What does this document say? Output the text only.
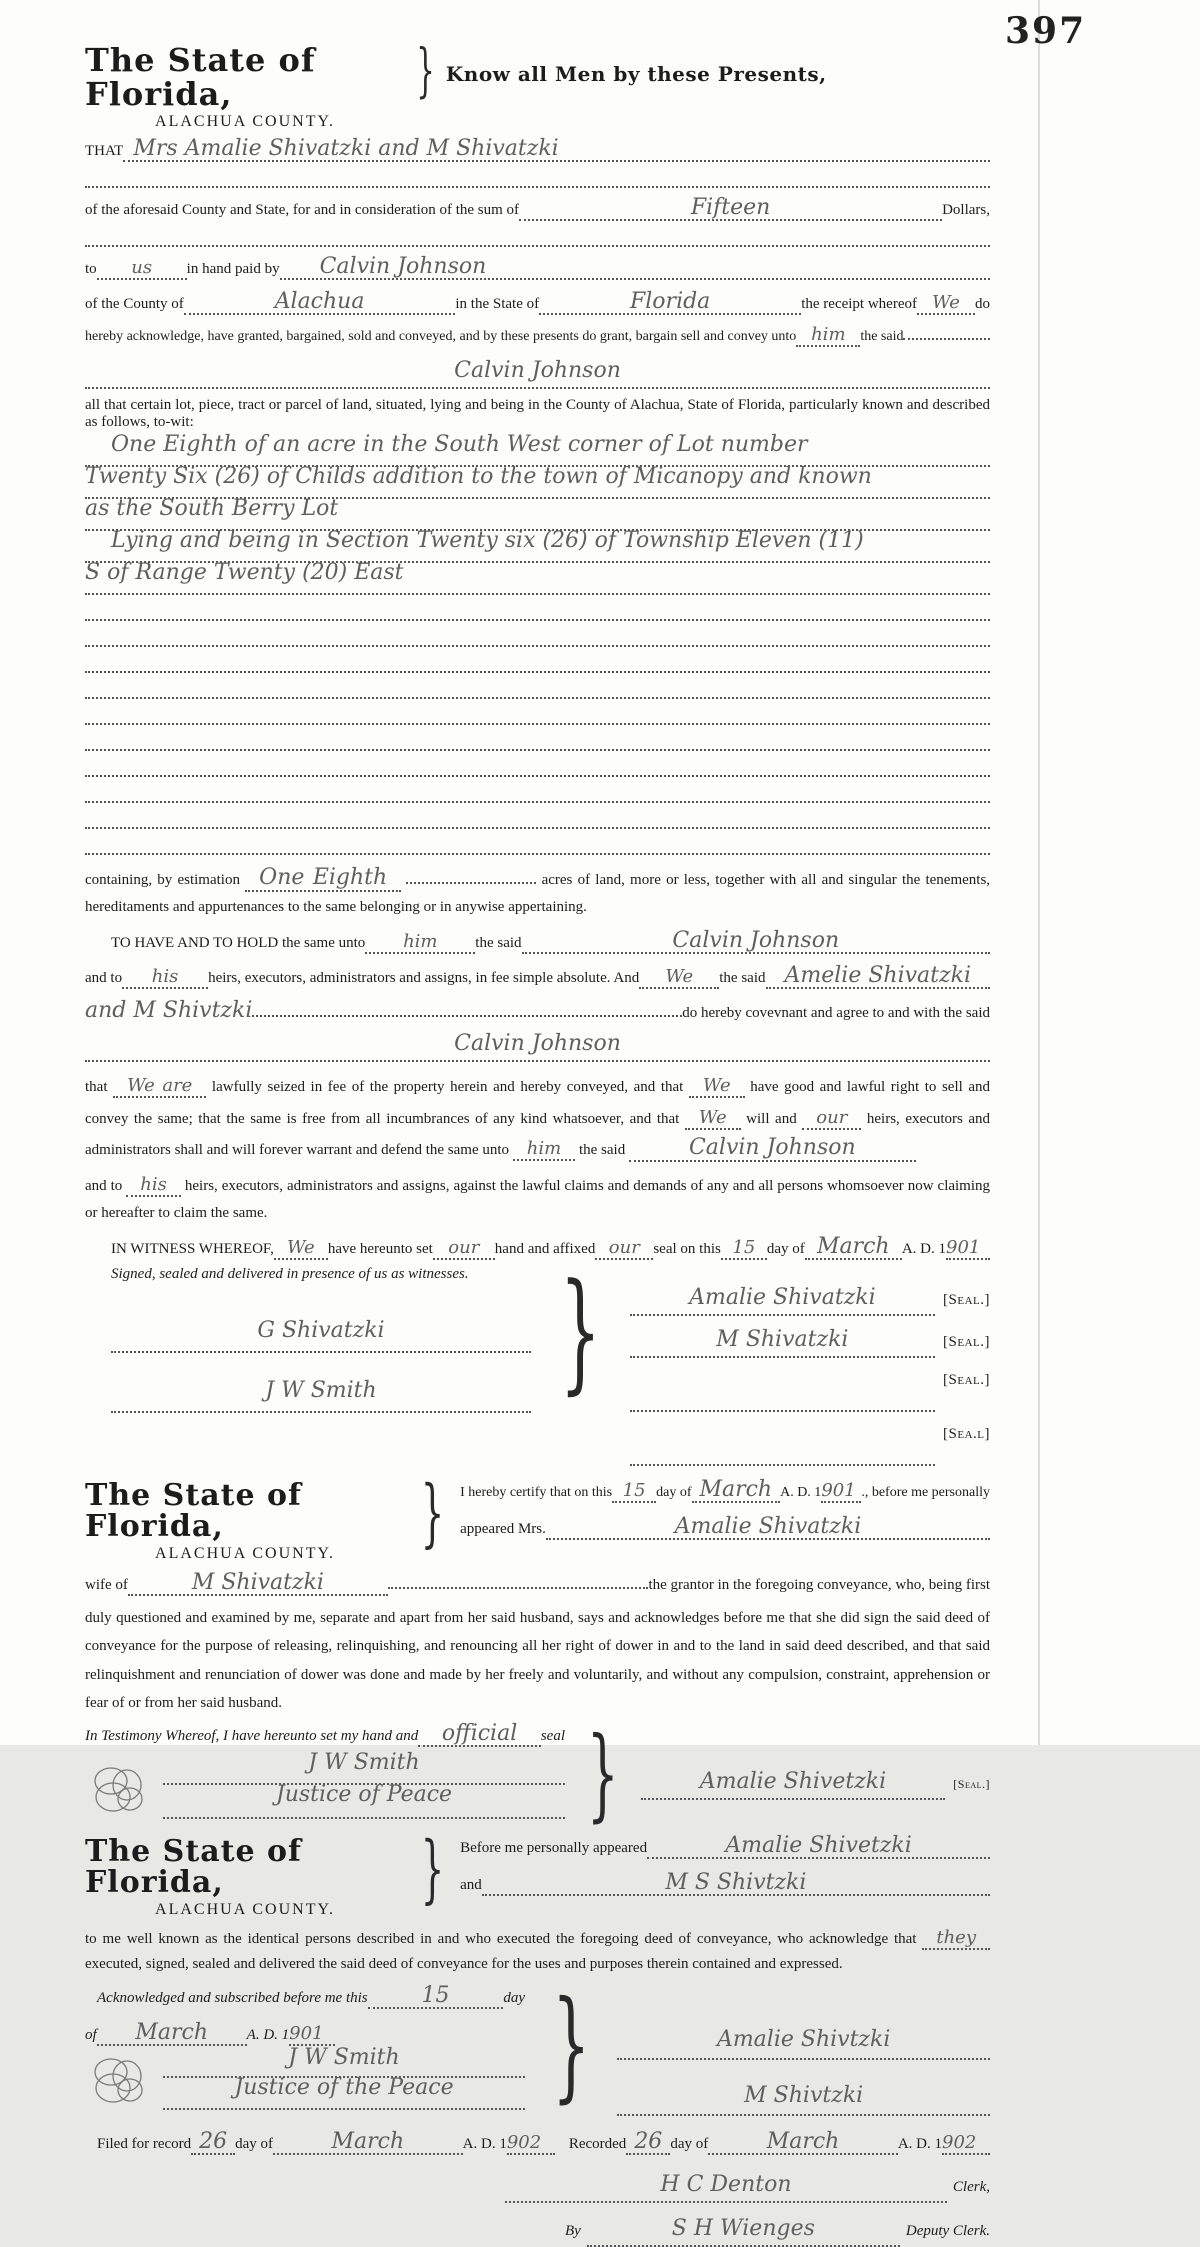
397
The State of Florida,
ALACHUA COUNTY.
} Know all Men by these Presents,
THAT Mrs Amalie Shivatzki and M Shivatzki
of the aforesaid County and State, for and in consideration of the sum of	Fifteen	Dollars,
to	us	in hand paid by	Calvin Johnson
of the County of	Alachua	in the State of	Florida	the receipt whereof We	do
hereby acknowledge, have granted, bargained, sold and conveyed, and by these presents do grant, bargain sell and convey unto him	the said
Calvin Johnson

all that certain lot, piece, tract or parcel of land, situated, lying and being in the County of Alachua, State of Florida, particularly known and described as follows, to-wit:

One Eighth of an acre in the South West corner of Lot number
Twenty Six (26) of Childs addition to the town of Micanopy and known
as the South Berry Lot
Lying and being in Section Twenty six (26) of Township Eleven (11)
S of Range Twenty (20) East

containing, by estimation One Eighth	acres of land, more or less, together with all and singular the tenements, hereditaments and appurtenances to the same belonging or in anywise appertaining.

TO HAVE AND TO HOLD the same unto	him	the said	Calvin Johnson
and to	his	heirs, executors, administrators and assigns, in fee simple absolute. And	We	the said Amelie Shivatzki
and M Shivtzki	do hereby covevnant and agree to and with the said
Calvin Johnson

that We are lawfully seized in fee of the property herein and hereby conveyed, and that We have good and lawful right to sell and convey the same; that the same is free from all incumbrances of any kind whatsoever, and that We will and our heirs, executors and administrators shall and will forever warrant and defend the same unto him the said	Calvin Johnson

and to his heirs, executors, administrators and assigns, against the lawful claims and demands of any and all persons whomsoever now claiming or hereafter to claim the same.

IN WITNESS WHEREOF, We have hereunto set our	hand and affixed our seal on this 15 day of March A. D. 1 901
Signed, sealed and delivered in presence of us as witnesses.
G Shivatzki
J W Smith }	Amalie Shivatzki	[Seal.]
M Shivatzki	[Seal.]
[Seal.]
[Sea.l]
The State of Florida,
ALACHUA COUNTY.	} I hereby certify that on this 15 day of March A. D. 1 901 ., before me personally
appeared Mrs.	Amalie Shivatzki
wife of	M Shivatzki	the grantor in the foregoing conveyance, who, being first

duly questioned and examined by me, separate and apart from her said husband, says and acknowledges before me that she did sign the said deed of conveyance for the purpose of releasing, relinquishing, and renouncing all her right of dower in and to the land in said deed described, and that said relinquishment and renunciation of dower was done and made by her freely and voluntarily, and without any compulsion, constraint, apprehension or fear of or from her said husband.

In Testimony Whereof, I have hereunto set my hand and	official	seal
J W Smith
Justice of Peace }	Amalie Shivetzki	[Seal.]
The State of Florida,
ALACHUA COUNTY.	} Before me personally appeared	Amalie Shivetzki
and	M S Shivtzki

to me well known as the identical persons described in and who executed the foregoing deed of conveyance, who acknowledge that they executed, signed, sealed and delivered the said deed of conveyance for the uses and purposes therein contained and expressed.

Acknowledged and subscribed before me this	15	day
of	March	A. D. 1 901
J W Smith
Justice of the Peace }	Amalie Shivtzki
M Shivtzki
Filed for record 26 day of	March	A. D. 1 902	Recorded 26 day of	March	A. D. 1 902
H C Denton	Clerk,
By	S H Wienges	Deputy Clerk.
